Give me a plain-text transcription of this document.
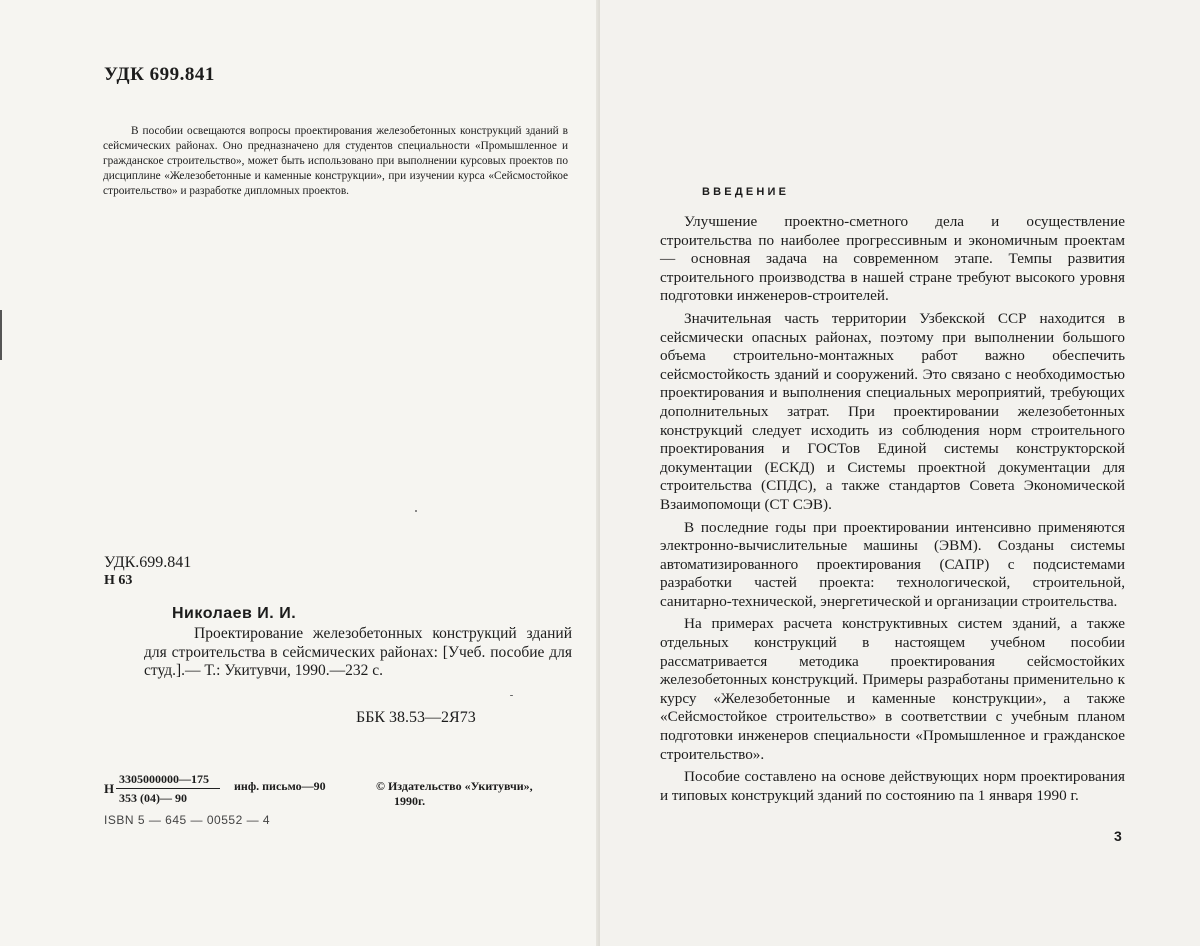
УДК 699.841

В пособии освещаются вопросы проектирования железобетонных конструкций зданий в сейсмических районах. Оно предназначено для студентов специальности «Промышленное и гражданское строительство», может быть использовано при выполнении курсовых проектов по дисциплине «Железобетонные и каменные конструкции», при изучении курса «Сейсмостойкое строительство» и разработке дипломных проектов.

УДК.699.841
Н 63
Николаев И. И.
Проектирование железобетонных конструкций зданий для строительства в сейсмических районах: [Учеб. пособие для студ.].— Т.: Укитувчи, 1990.—232 с.
ББК 38.53—2Я73
Н
3305000000—175
353 (04)— 90
инф. письмо—90	© Издательство «Укитувчи»,
1990г.
ISBN 5 — 645 — 00552 — 4
ВВЕДЕНИЕ

Улучшение проектно-сметного дела и осуществление строительства по наиболее прогрессивным и экономичным проектам — основная задача на современном этапе. Темпы развития строительного производства в нашей стране требуют высокого уровня подготовки инженеров-строителей.

Значительная часть территории Узбекской ССР находится в сейсмически опасных районах, поэтому при выполнении большого объема строительно-монтажных работ важно обеспечить сейсмостойкость зданий и сооружений. Это связано с необходимостью проектирования и выполнения специальных мероприятий, требующих дополнительных затрат. При проектировании железобетонных конструкций следует исходить из соблюдения норм строительного проектирования и ГОСТов Единой системы конструкторской документации (ЕСКД) и Системы проектной документации для строительства (СПДС), а также стандартов Совета Экономической Взаимопомощи (СТ СЭВ).

В последние годы при проектировании интенсивно применяются электронно-вычислительные машины (ЭВМ). Созданы системы автоматизированного проектирования (САПР) с подсистемами разработки частей проекта: технологической, строительной, санитарно-технической, энергетической и организации строительства.

На примерах расчета конструктивных систем зданий, а также отдельных конструкций в настоящем учебном пособии рассматривается методика проектирования сейсмостойких железобетонных конструкций. Примеры разработаны применительно к курсу «Железобетонные и каменные конструкции», а также «Сейсмостойкое строительство» в соответствии с учебным планом подготовки инженеров специальности «Промышленное и гражданское строительство».

Пособие составлено на основе действующих норм проектирования и типовых конструкций зданий по состоянию па 1 января 1990 г.

3
